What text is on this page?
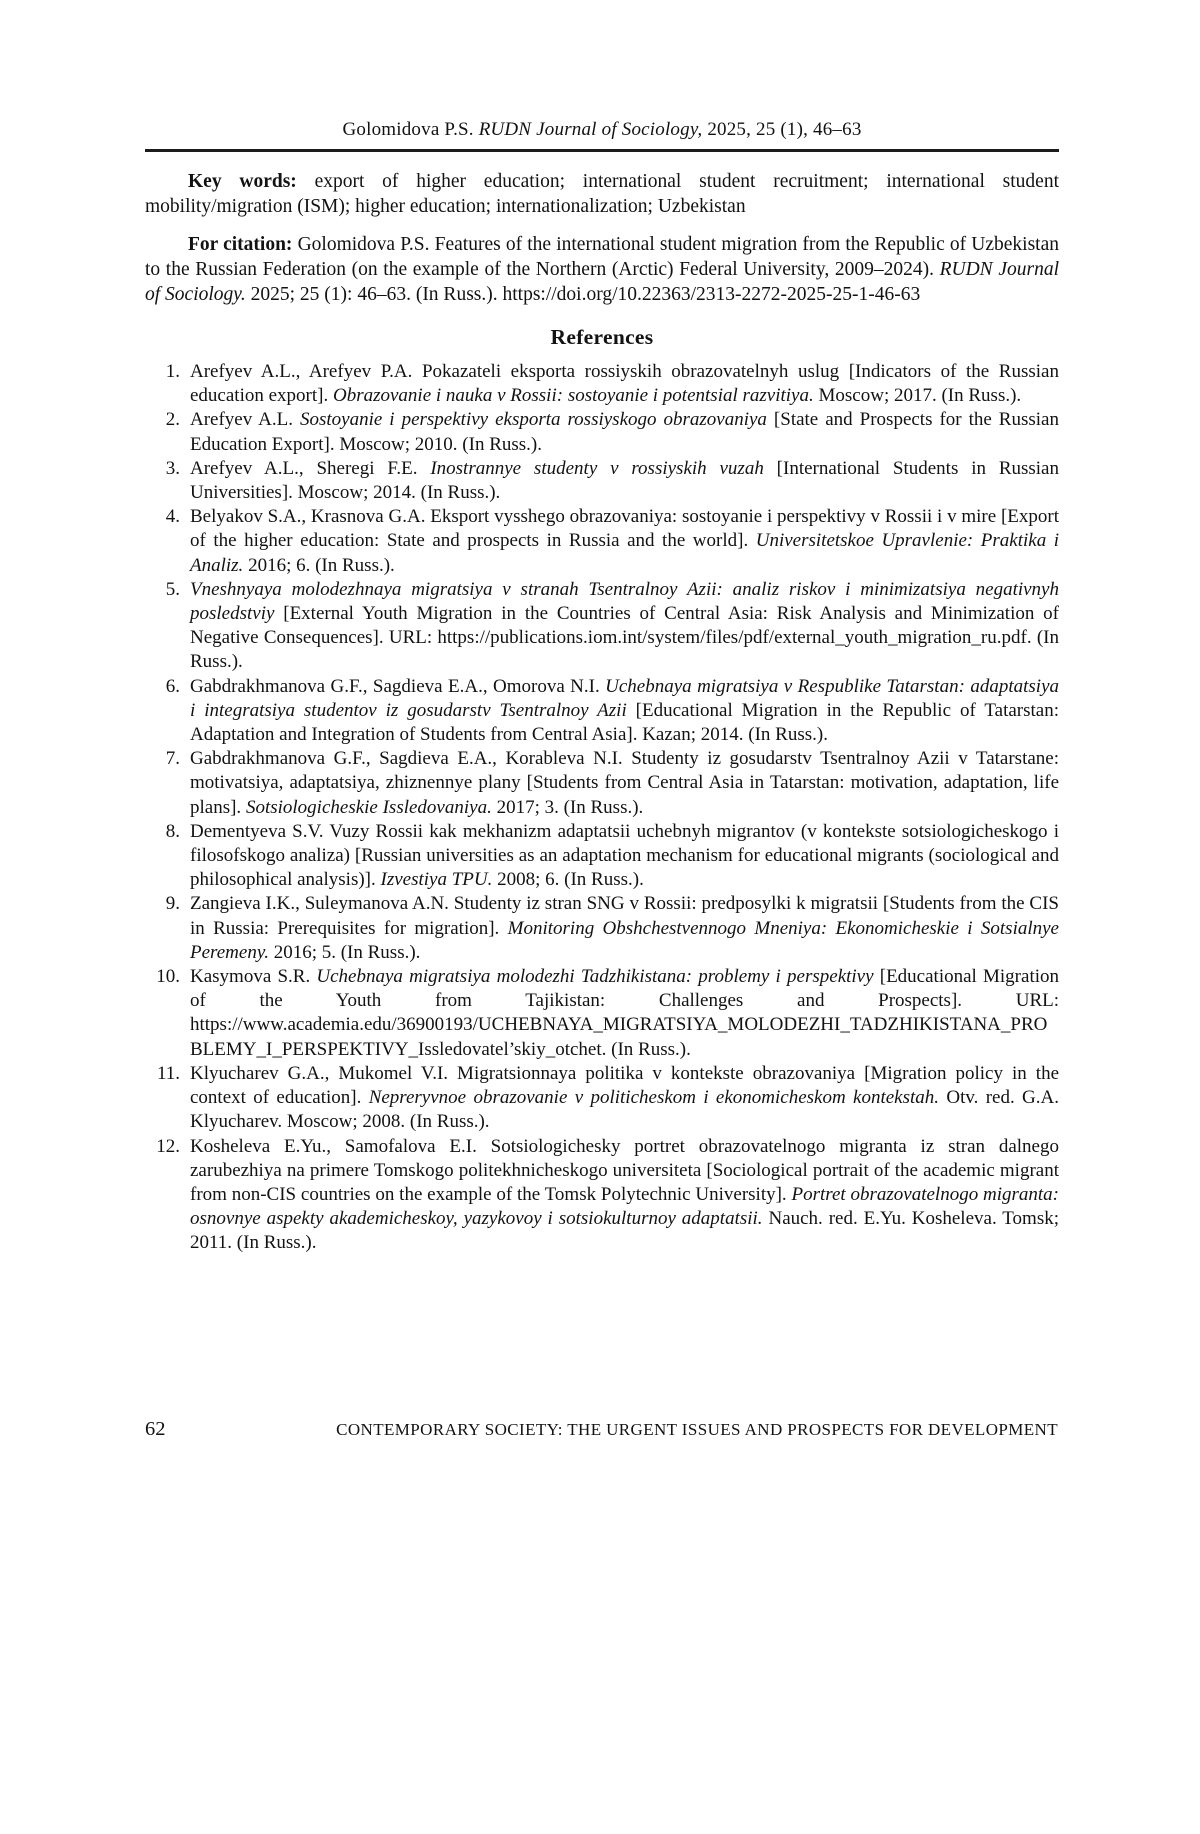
Golomidova P.S. RUDN Journal of Sociology, 2025, 25 (1), 46–63

Key words: export of higher education; international student recruitment; international student mobility/migration (ISM); higher education; internationalization; Uzbekistan

For citation: Golomidova P.S. Features of the international student migration from the Republic of Uzbekistan to the Russian Federation (on the example of the Northern (Arctic) Federal University, 2009–2024). RUDN Journal of Sociology. 2025; 25 (1): 46–63. (In Russ.). https://doi.org/10.22363/2313-2272-2025-25-1-46-63

References
1. Arefyev A.L., Arefyev P.A. Pokazateli eksporta rossiyskih obrazovatelnyh uslug [Indicators of the Russian education export]. Obrazovanie i nauka v Rossii: sostoyanie i potentsial razvitiya. Moscow; 2017. (In Russ.).
2. Arefyev A.L. Sostoyanie i perspektivy eksporta rossiyskogo obrazovaniya [State and Prospects for the Russian Education Export]. Moscow; 2010. (In Russ.).
3. Arefyev A.L., Sheregi F.E. Inostrannye studenty v rossiyskih vuzah [International Students in Russian Universities]. Moscow; 2014. (In Russ.).
4. Belyakov S.A., Krasnova G.A. Eksport vysshego obrazovaniya: sostoyanie i perspektivy v Rossii i v mire [Export of the higher education: State and prospects in Russia and the world]. Universitetskoe Upravlenie: Praktika i Analiz. 2016; 6. (In Russ.).
5. Vneshnyaya molodezhnaya migratsiya v stranah Tsentralnoy Azii: analiz riskov i minimizatsiya negativnyh posledstviy [External Youth Migration in the Countries of Central Asia: Risk Analysis and Minimization of Negative Consequences]. URL: https://publications.iom.int/system/files/pdf/external_youth_migration_ru.pdf. (In Russ.).
6. Gabdrakhmanova G.F., Sagdieva E.A., Omorova N.I. Uchebnaya migratsiya v Respublike Tatarstan: adaptatsiya i integratsiya studentov iz gosudarstv Tsentralnoy Azii [Educational Migration in the Republic of Tatarstan: Adaptation and Integration of Students from Central Asia]. Kazan; 2014. (In Russ.).
7. Gabdrakhmanova G.F., Sagdieva E.A., Korableva N.I. Studenty iz gosudarstv Tsentralnoy Azii v Tatarstane: motivatsiya, adaptatsiya, zhiznennye plany [Students from Central Asia in Tatarstan: motivation, adaptation, life plans]. Sotsiologicheskie Issledovaniya. 2017; 3. (In Russ.).
8. Dementyeva S.V. Vuzy Rossii kak mekhanizm adaptatsii uchebnyh migrantov (v kontekste sotsiologicheskogo i filosofskogo analiza) [Russian universities as an adaptation mechanism for educational migrants (sociological and philosophical analysis)]. Izvestiya TPU. 2008; 6. (In Russ.).
9. Zangieva I.K., Suleymanova A.N. Studenty iz stran SNG v Rossii: predposylki k migratsii [Students from the CIS in Russia: Prerequisites for migration]. Monitoring Obshchestvennogo Mneniya: Ekonomicheskie i Sotsialnye Peremeny. 2016; 5. (In Russ.).
10. Kasymova S.R. Uchebnaya migratsiya molodezhi Tadzhikistana: problemy i perspektivy [Educational Migration of the Youth from Tajikistan: Challenges and Prospects]. URL: https://www.academia.edu/36900193/UCHEBNAYA_MIGRATSIYA_MOLODEZHI_TADZHIKISTANA_PROBLEMY_I_PERSPEKTIVY_Issledovatel’skiy_otchet. (In Russ.).
11. Klyucharev G.A., Mukomel V.I. Migratsionnaya politika v kontekste obrazovaniya [Migration policy in the context of education]. Nepreryvnoe obrazovanie v politicheskom i ekonomicheskom kontekstah. Otv. red. G.A. Klyucharev. Moscow; 2008. (In Russ.).
12. Kosheleva E.Yu., Samofalova E.I. Sotsiologichesky portret obrazovatelnogo migranta iz stran dalnego zarubezhiya na primere Tomskogo politekhnicheskogo universiteta [Sociological portrait of the academic migrant from non-CIS countries on the example of the Tomsk Polytechnic University]. Portret obrazovatelnogo migranta: osnovnye aspekty akademicheskoy, yazykovoy i sotsiokulturnoy adaptatsii. Nauch. red. E.Yu. Kosheleva. Tomsk; 2011. (In Russ.).
62	CONTEMPORARY SOCIETY: THE URGENT ISSUES AND PROSPECTS FOR DEVELOPMENT
